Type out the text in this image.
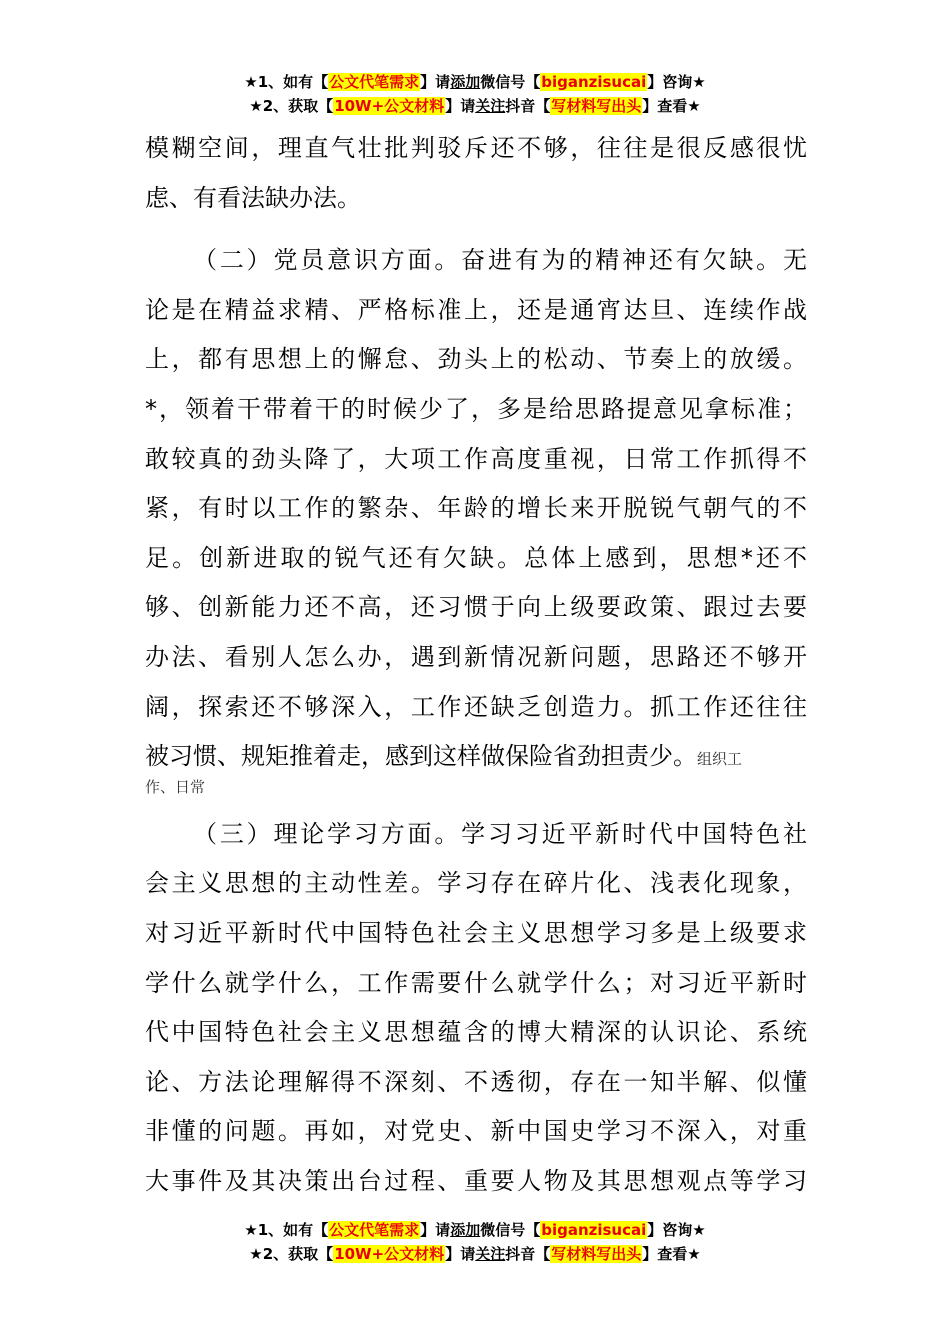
★1、如有【公文代笔需求】请添加微信号【biganzisucai】咨询★
★2、获取【10W+公文材料】请关注抖音【写材料写出头】查看★

模糊空间，理直气壮批判驳斥还不够，往往是很反感很忧
虑、有看法缺办法。

（二）党员意识方面。奋进有为的精神还有欠缺。无
论是在精益求精、严格标准上，还是通宵达旦、连续作战
上，都有思想上的懈怠、劲头上的松动、节奏上的放缓。
*，领着干带着干的时候少了，多是给思路提意见拿标准；
敢较真的劲头降了，大项工作高度重视，日常工作抓得不
紧，有时以工作的繁杂、年龄的增长来开脱锐气朝气的不
足。创新进取的锐气还有欠缺。总体上感到，思想*还不
够、创新能力还不高，还习惯于向上级要政策、跟过去要
办法、看别人怎么办，遇到新情况新问题，思路还不够开
阔，探索还不够深入，工作还缺乏创造力。抓工作还往往
被习惯、规矩推着走，感到这样做保险省劲担责少。组织工
作、日常

（三）理论学习方面。学习习近平新时代中国特色社
会主义思想的主动性差。学习存在碎片化、浅表化现象，
对习近平新时代中国特色社会主义思想学习多是上级要求
学什么就学什么，工作需要什么就学什么；对习近平新时
代中国特色社会主义思想蕴含的博大精深的认识论、系统
论、方法论理解得不深刻、不透彻，存在一知半解、似懂
非懂的问题。再如，对党史、新中国史学习不深入，对重
大事件及其决策出台过程、重要人物及其思想观点等学习

★1、如有【公文代笔需求】请添加微信号【biganzisucai】咨询★
★2、获取【10W+公文材料】请关注抖音【写材料写出头】查看★
